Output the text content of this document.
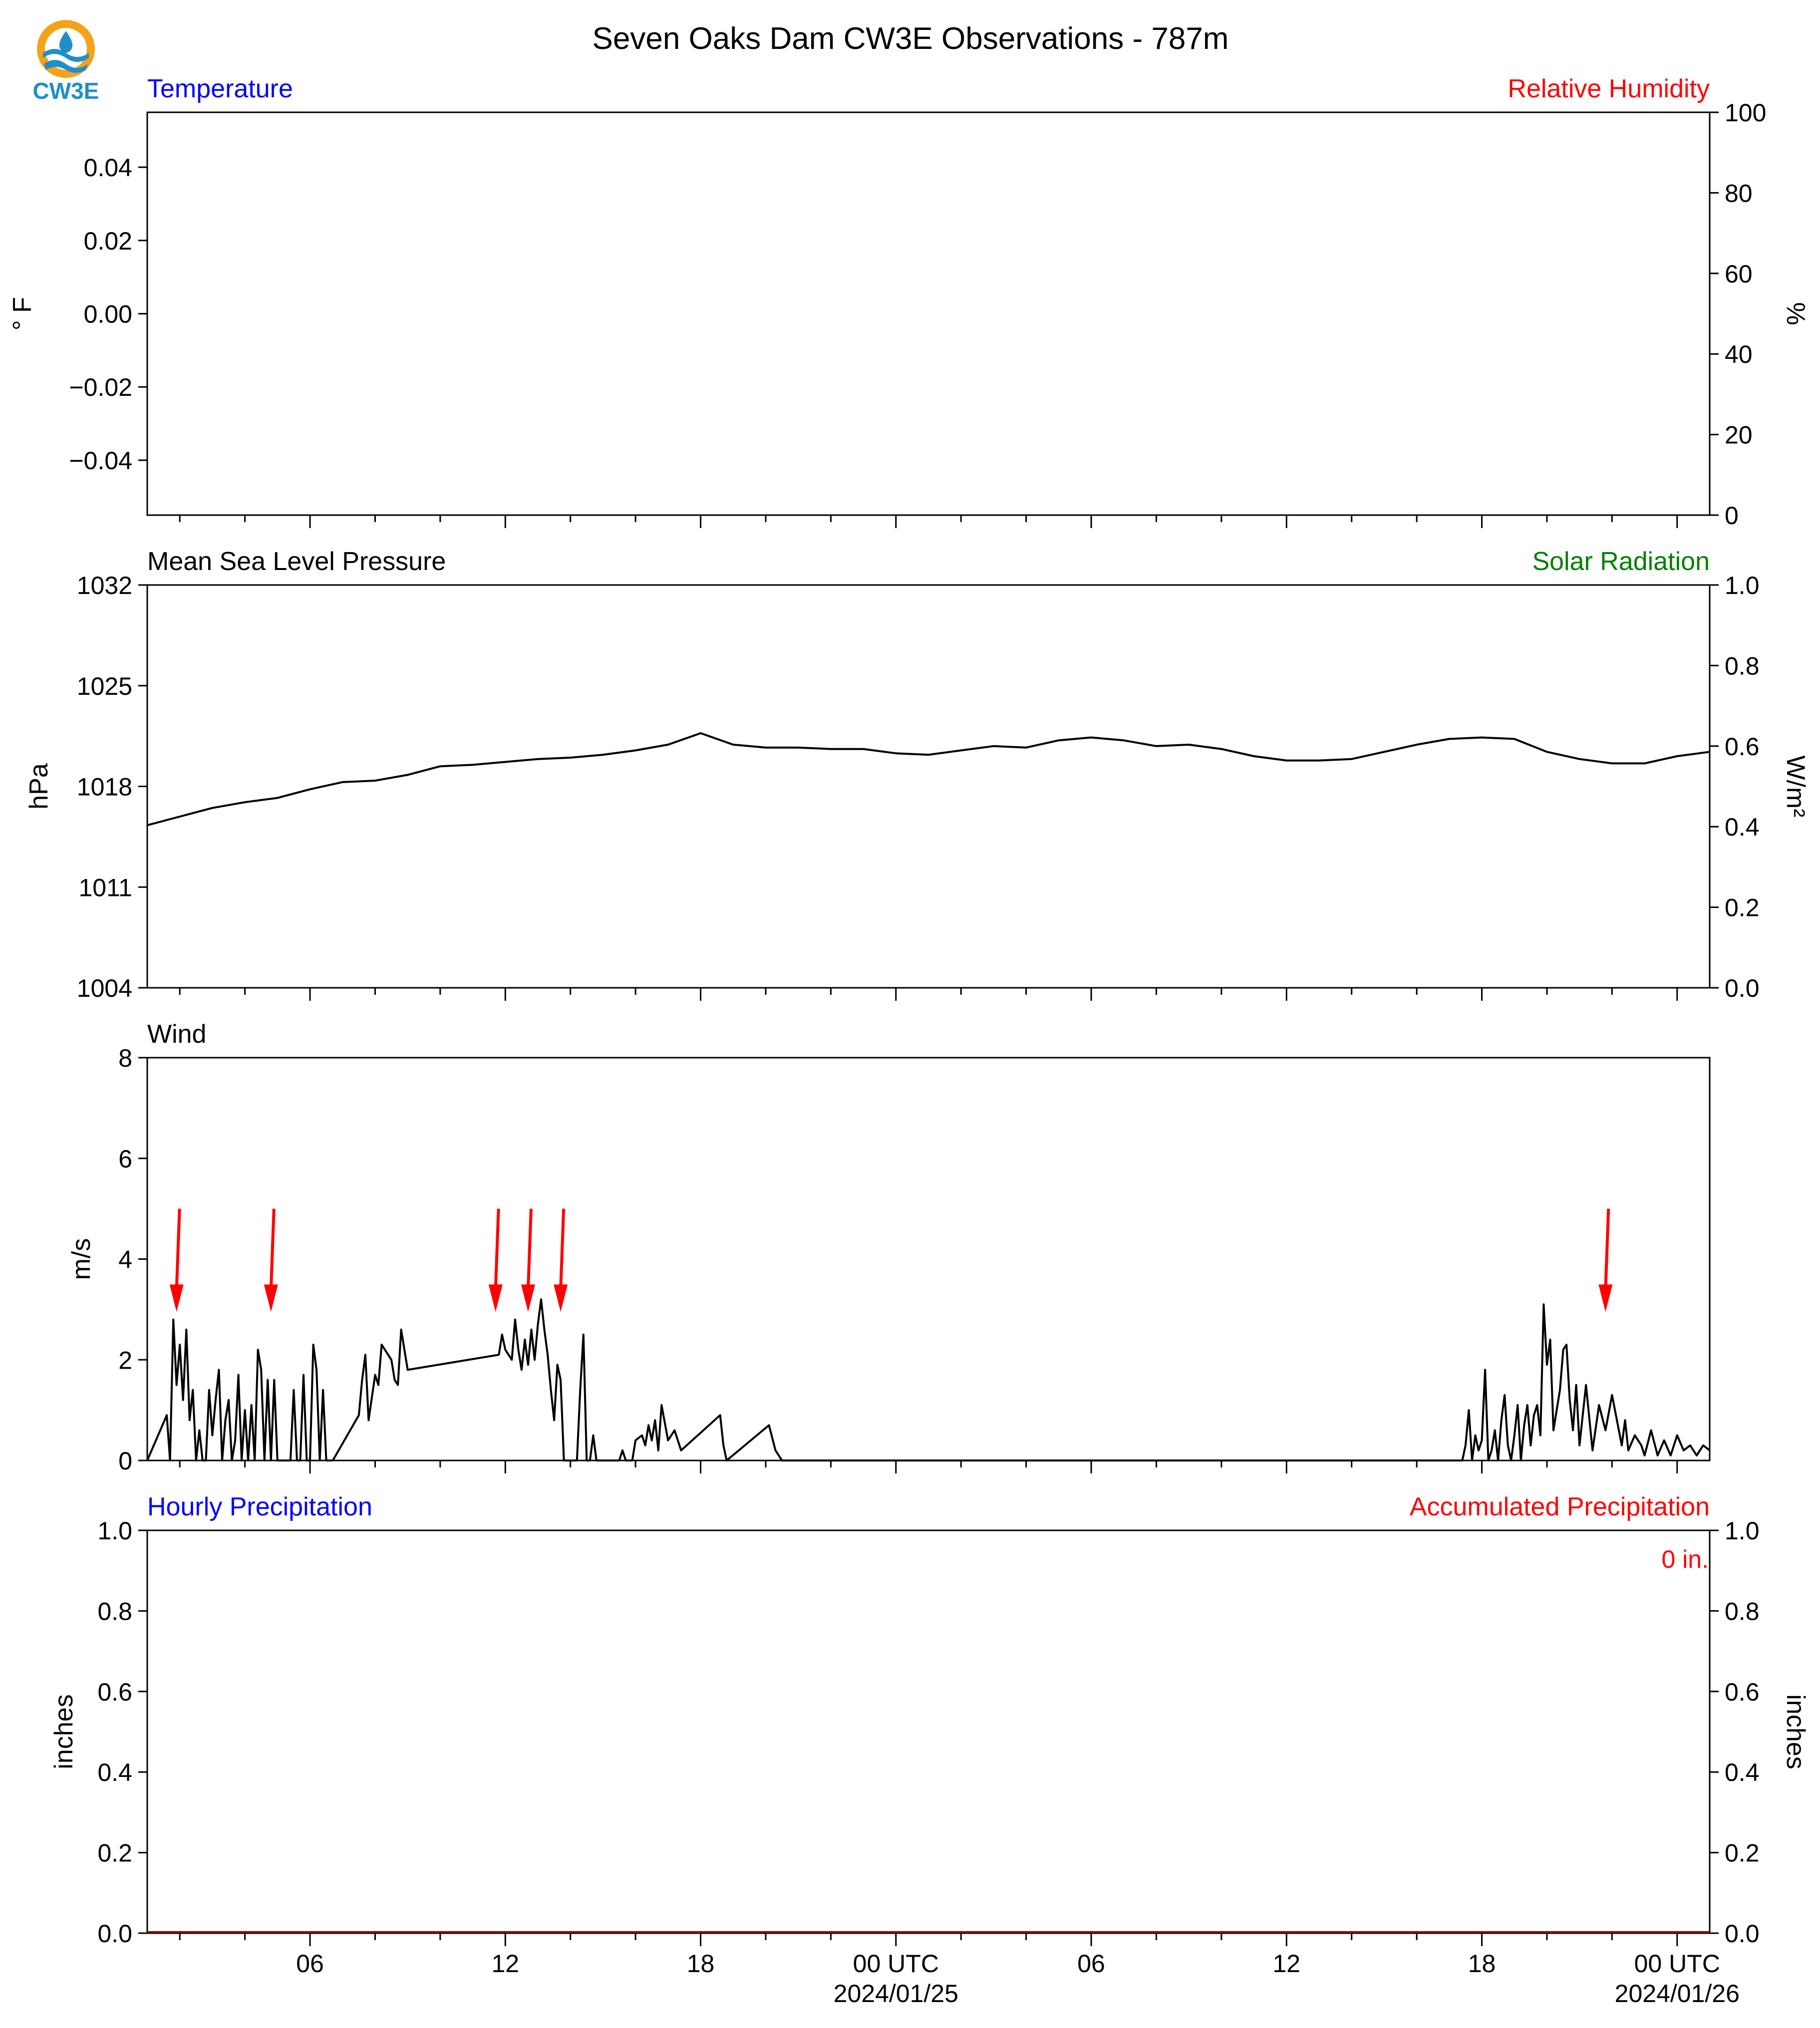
CW3E
Seven Oaks Dam CW3E Observations - 787m
Temperature	Relative Humidity
0.04
0.02
0.00
−0.02
−0.04
° F
100
80
60
40
20
0
%
Mean Sea Level Pressure	Solar Radiation
1032
1025
1018
1011
1004
hPa
1.0
0.8
0.6
0.4
0.2
0.0
W/m²
Wind
8
6
4
2
0
m/s
Hourly Precipitation	Accumulated Precipitation
1.0
0.8
0.6
0.4
0.2
0.0
inches
1.0
0.8
0.6
0.4
0.2
0.0
inches
0 in.
06	12	18	00 UTC
2024/01/25
06	12	18	00 UTC
2024/01/26
